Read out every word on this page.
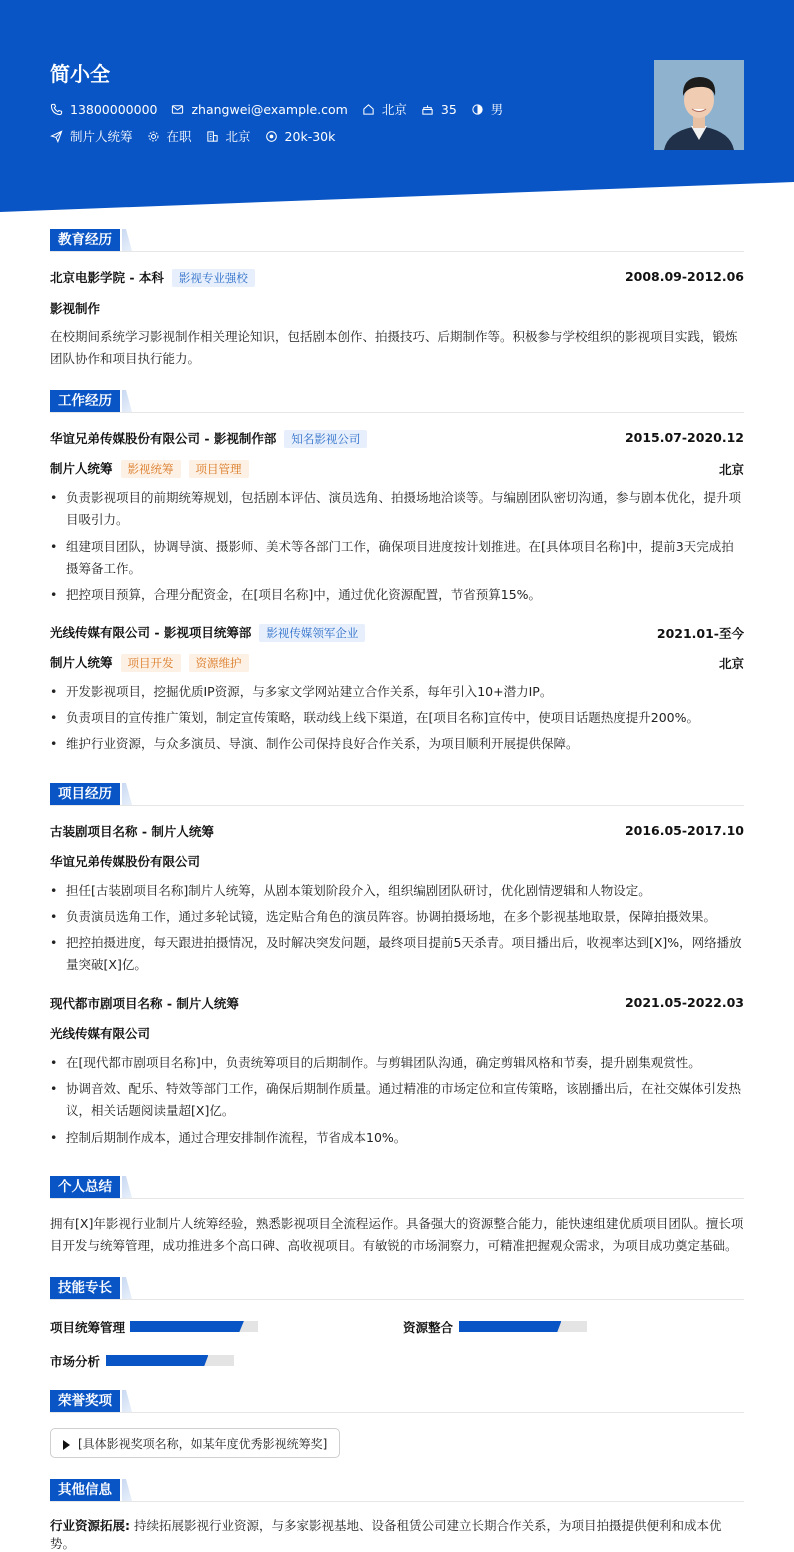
简小全
13800000000	zhangwei@example.com	北京	35	男
制片人统筹	在职	北京	20k-30k
教育经历
北京电影学院 - 本科 影视专业强校	2008.09-2012.06
影视制作
在校期间系统学习影视制作相关理论知识，包括剧本创作、拍摄技巧、后期制作等。积极参与学校组织的影视项目实践，锻炼团队协作和项目执行能力。
工作经历
华谊兄弟传媒股份有限公司 - 影视制作部 知名影视公司	2015.07-2020.12
制片人统筹 影视统筹 项目管理	北京
• 负责影视项目的前期统筹规划，包括剧本评估、演员选角、拍摄场地洽谈等。与编剧团队密切沟通，参与剧本优化，提升项目吸引力。
• 组建项目团队，协调导演、摄影师、美术等各部门工作，确保项目进度按计划推进。在[具体项目名称]中，提前3天完成拍摄筹备工作。
• 把控项目预算，合理分配资金，在[项目名称]中，通过优化资源配置，节省预算15%。
光线传媒有限公司 - 影视项目统筹部 影视传媒领军企业	2021.01-至今
制片人统筹 项目开发 资源维护	北京
• 开发影视项目，挖掘优质IP资源，与多家文学网站建立合作关系，每年引入10+潜力IP。
• 负责项目的宣传推广策划，制定宣传策略，联动线上线下渠道，在[项目名称]宣传中，使项目话题热度提升200%。
• 维护行业资源，与众多演员、导演、制作公司保持良好合作关系，为项目顺利开展提供保障。
项目经历
古装剧项目名称 - 制片人统筹	2016.05-2017.10
华谊兄弟传媒股份有限公司
• 担任[古装剧项目名称]制片人统筹，从剧本策划阶段介入，组织编剧团队研讨，优化剧情逻辑和人物设定。
• 负责演员选角工作，通过多轮试镜，选定贴合角色的演员阵容。协调拍摄场地，在多个影视基地取景，保障拍摄效果。
• 把控拍摄进度，每天跟进拍摄情况，及时解决突发问题，最终项目提前5天杀青。项目播出后，收视率达到[X]%，网络播放量突破[X]亿。
现代都市剧项目名称 - 制片人统筹	2021.05-2022.03
光线传媒有限公司
• 在[现代都市剧项目名称]中，负责统筹项目的后期制作。与剪辑团队沟通，确定剪辑风格和节奏，提升剧集观赏性。
• 协调音效、配乐、特效等部门工作，确保后期制作质量。通过精准的市场定位和宣传策略，该剧播出后，在社交媒体引发热议，相关话题阅读量超[X]亿。
• 控制后期制作成本，通过合理安排制作流程，节省成本10%。
个人总结
拥有[X]年影视行业制片人统筹经验，熟悉影视项目全流程运作。具备强大的资源整合能力，能快速组建优质项目团队。擅长项目开发与统筹管理，成功推进多个高口碑、高收视项目。有敏锐的市场洞察力，可精准把握观众需求，为项目成功奠定基础。
技能专长
项目统筹管理	资源整合
市场分析
荣誉奖项
[具体影视奖项名称，如某年度优秀影视统筹奖]
其他信息
行业资源拓展: 持续拓展影视行业资源，与多家影视基地、设备租赁公司建立长期合作关系，为项目拍摄提供便利和成本优势。
